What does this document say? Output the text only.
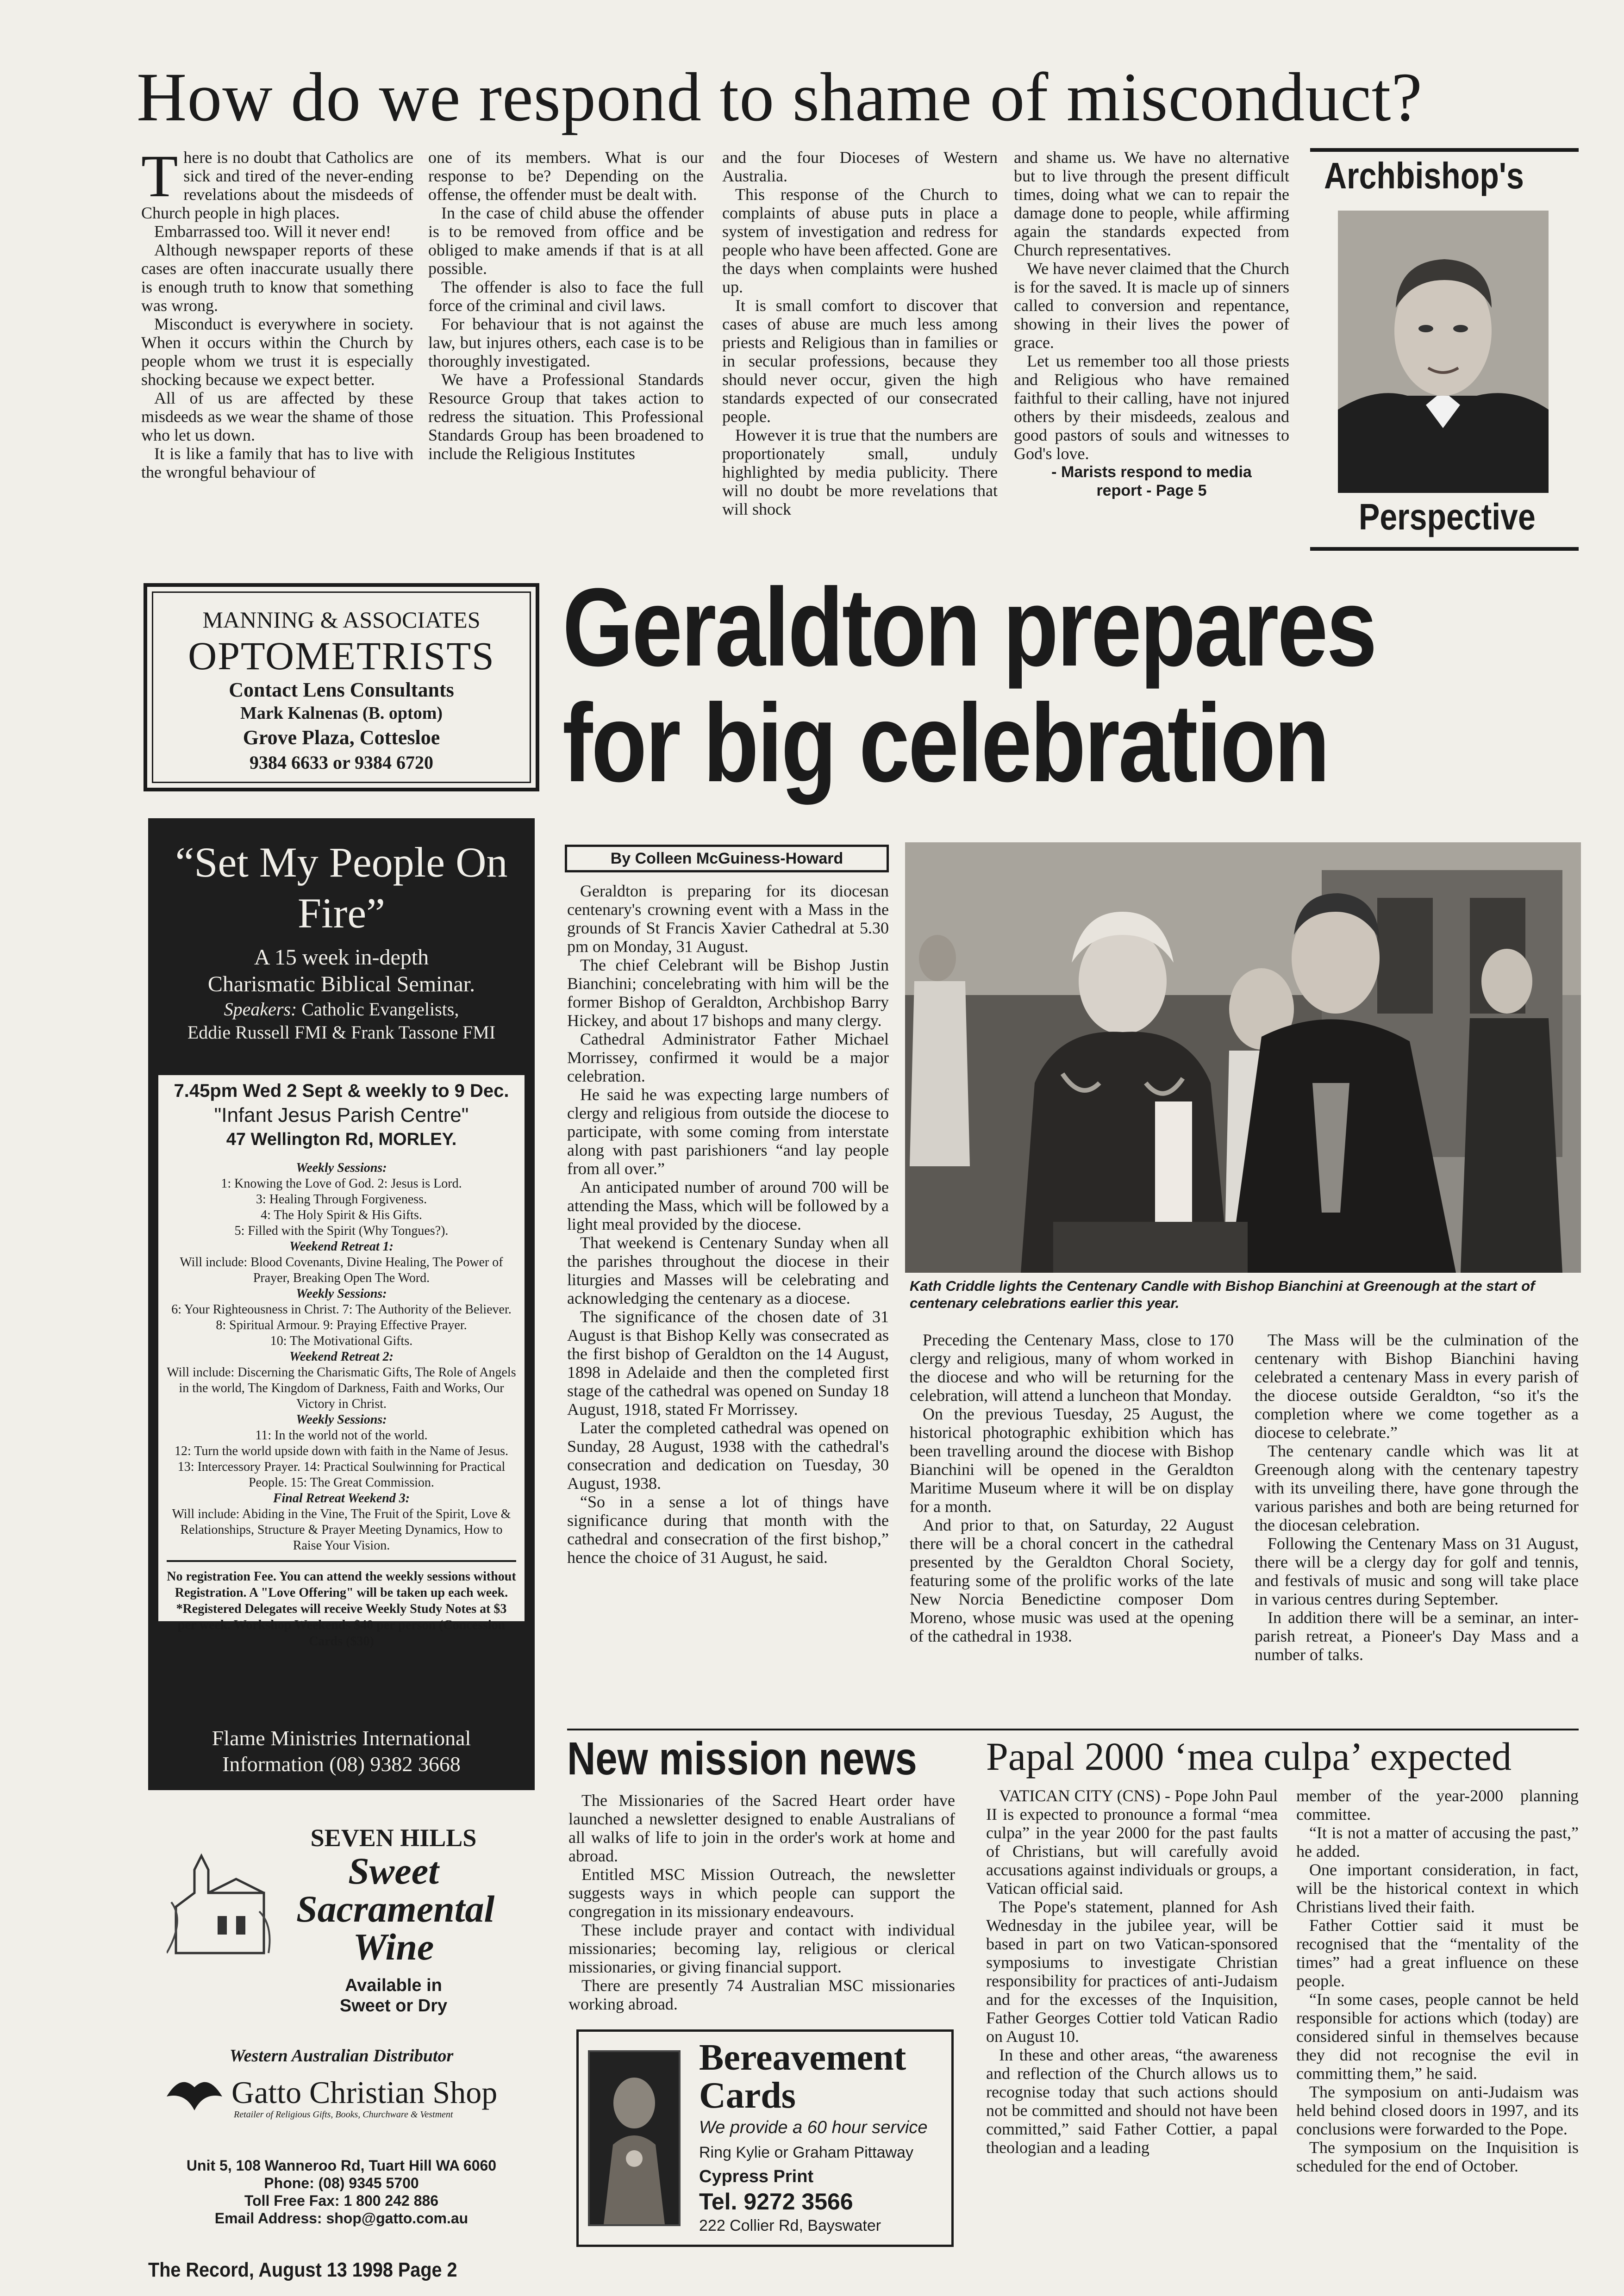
How do we respond to shame of misconduct?
T here is no doubt that Catholics are sick and tired of the never-ending revelations about the misdeeds of Church people in high places.

Embarrassed too. Will it never end!

Although newspaper reports of these cases are often inaccurate usually there is enough truth to know that something was wrong.

Misconduct is everywhere in society. When it occurs within the Church by people whom we trust it is especially shocking because we expect better.

All of us are affected by these misdeeds as we wear the shame of those who let us down.

It is like a family that has to live with the wrongful behaviour of

one of its members. What is our response to be? Depending on the offense, the offender must be dealt with.

In the case of child abuse the offender is to be removed from office and be obliged to make amends if that is at all possible.

The offender is also to face the full force of the criminal and civil laws.

For behaviour that is not against the law, but injures others, each case is to be thoroughly investigated.

We have a Professional Standards Resource Group that takes action to redress the situation. This Professional Standards Group has been broadened to include the Religious Institutes

and the four Dioceses of Western Australia.

This response of the Church to complaints of abuse puts in place a system of investigation and redress for people who have been affected. Gone are the days when complaints were hushed up.

It is small comfort to discover that cases of abuse are much less among priests and Religious than in families or in secular professions, because they should never occur, given the high standards expected of our consecrated people.

However it is true that the numbers are proportionately small, unduly highlighted by media publicity. There will no doubt be more revelations that will shock

and shame us. We have no alternative but to live through the present difficult times, doing what we can to repair the damage done to people, while affirming again the standards expected from Church representatives.

We have never claimed that the Church is for the saved. It is macle up of sinners called to conversion and repentance, showing in their lives the power of grace.

Let us remember too all those priests and Religious who have remained faithful to their calling, have not injured others by their misdeeds, zealous and good pastors of souls and witnesses to God's love.

- Marists respond to media report - Page 5

Archbishop's
Perspective
MANNING & ASSOCIATES
OPTOMETRISTS
Contact Lens Consultants
Mark Kalnenas (B. optom)
Grove Plaza, Cottesloe
9384 6633 or 9384 6720
“Set My People On Fire”
A 15 week in-depth
Charismatic Biblical Seminar.
Speakers: Catholic Evangelists,
Eddie Russell FMI & Frank Tassone FMI
7.45pm Wed 2 Sept & weekly to 9 Dec.
"Infant Jesus Parish Centre"
47 Wellington Rd, MORLEY.
Weekly Sessions:
1: Knowing the Love of God. 2: Jesus is Lord.
3: Healing Through Forgiveness.
4: The Holy Spirit & His Gifts.
5: Filled with the Spirit (Why Tongues?).
Weekend Retreat 1:
Will include: Blood Covenants, Divine Healing, The Power of Prayer, Breaking Open The Word.
Weekly Sessions:
6: Your Righteousness in Christ. 7: The Authority of the Believer. 8: Spiritual Armour. 9: Praying Effective Prayer.
10: The Motivational Gifts.
Weekend Retreat 2:
Will include: Discerning the Charismatic Gifts, The Role of Angels in the world, The Kingdom of Darkness, Faith and Works, Our Victory in Christ.
Weekly Sessions:
11: In the world not of the world.
12: Turn the world upside down with faith in the Name of Jesus.
13: Intercessory Prayer. 14: Practical Soulwinning for Practical People. 15: The Great Commission.
Final Retreat Weekend 3:
Will include: Abiding in the Vine, The Fruit of the Spirit, Love & Relationships, Structure & Prayer Meeting Dynamics, How to Raise Your Vision.
No registration Fee. You can attend the weekly sessions without Registration. A "Love Offering" will be taken up each week. *Registered Delegates will receive Weekly Study Notes at $3 per week. Workshop Weekends $40 per person (Concession Cards ($30)
Flame Ministries International
Information (08) 9382 3668
SEVEN HILLS
Sweet
Sacramental
Wine
Available in
Sweet or Dry
Western Australian Distributor
Gatto Christian Shop
Retailer of Religious Gifts, Books, Churchware & Vestment
Unit 5, 108 Wanneroo Rd, Tuart Hill WA 6060
Phone: (08) 9345 5700
Toll Free Fax: 1 800 242 886
Email Address: shop@gatto.com.au
Geraldton prepares
for big celebration
By Colleen McGuiness-Howard

Geraldton is preparing for its diocesan centenary's crowning event with a Mass in the grounds of St Francis Xavier Cathedral at 5.30 pm on Monday, 31 August.

The chief Celebrant will be Bishop Justin Bianchini; concelebrating with him will be the former Bishop of Geraldton, Archbishop Barry Hickey, and about 17 bishops and many clergy.

Cathedral Administrator Father Michael Morrissey, confirmed it would be a major celebration.

He said he was expecting large numbers of clergy and religious from outside the diocese to participate, with some coming from interstate along with past parishioners “and lay people from all over.”

An anticipated number of around 700 will be attending the Mass, which will be followed by a light meal provided by the diocese.

That weekend is Centenary Sunday when all the parishes throughout the diocese in their liturgies and Masses will be celebrating and acknowledging the centenary as a diocese.

The significance of the chosen date of 31 August is that Bishop Kelly was consecrated as the first bishop of Geraldton on the 14 August, 1898 in Adelaide and then the completed first stage of the cathedral was opened on Sunday 18 August, 1918, stated Fr Morrissey.

Later the completed cathedral was opened on Sunday, 28 August, 1938 with the cathedral's consecration and dedication on Tuesday, 30 August, 1938.

“So in a sense a lot of things have significance during that month with the cathedral and consecration of the first bishop,” hence the choice of 31 August, he said.

Kath Criddle lights the Centenary Candle with Bishop Bianchini at Greenough at the start of centenary celebrations earlier this year.

Preceding the Centenary Mass, close to 170 clergy and religious, many of whom worked in the diocese and who will be returning for the celebration, will attend a luncheon that Monday.

On the previous Tuesday, 25 August, the historical photographic exhibition which has been travelling around the diocese with Bishop Bianchini will be opened in the Geraldton Maritime Museum where it will be on display for a month.

And prior to that, on Saturday, 22 August there will be a choral concert in the cathedral presented by the Geraldton Choral Society, featuring some of the prolific works of the late New Norcia Benedictine composer Dom Moreno, whose music was used at the opening of the cathedral in 1938.

The Mass will be the culmination of the centenary with Bishop Bianchini having celebrated a centenary Mass in every parish of the diocese outside Geraldton, “so it's the completion where we come together as a diocese to celebrate.”

The centenary candle which was lit at Greenough along with the centenary tapestry with its unveiling there, have gone through the various parishes and both are being returned for the diocesan celebration.

Following the Centenary Mass on 31 August, there will be a clergy day for golf and tennis, and festivals of music and song will take place in various centres during September.

In addition there will be a seminar, an inter-parish retreat, a Pioneer's Day Mass and a number of talks.

New mission news

The Missionaries of the Sacred Heart order have launched a newsletter designed to enable Australians of all walks of life to join in the order's work at home and abroad.

Entitled MSC Mission Outreach, the newsletter suggests ways in which people can support the congregation in its missionary endeavours.

These include prayer and contact with individual missionaries; becoming lay, religious or clerical missionaries, or giving financial support.

There are presently 74 Australian MSC missionaries working abroad.

Bereavement
Cards
We provide a 60 hour service
Ring Kylie or Graham Pittaway
Cypress Print
Tel. 9272 3566
222 Collier Rd, Bayswater
Papal 2000 ‘mea culpa’ expected

VATICAN CITY (CNS) - Pope John Paul II is expected to pronounce a formal “mea culpa” in the year 2000 for the past faults of Christians, but will carefully avoid accusations against individuals or groups, a Vatican official said.

The Pope's statement, planned for Ash Wednesday in the jubilee year, will be based in part on two Vatican-sponsored symposiums to investigate Christian responsibility for practices of anti-Judaism and for the excesses of the Inquisition, Father Georges Cottier told Vatican Radio on August 10.

In these and other areas, “the awareness and reflection of the Church allows us to recognise today that such actions should not be committed and should not have been committed,” said Father Cottier, a papal theologian and a leading

member of the year-2000 planning committee.

“It is not a matter of accusing the past,” he added.

One important consideration, in fact, will be the historical context in which Christians lived their faith.

Father Cottier said it must be recognised that the “mentality of the times” had a great influence on these people.

“In some cases, people cannot be held responsible for actions which (today) are considered sinful in themselves because they did not recognise the evil in committing them,” he said.

The symposium on anti-Judaism was held behind closed doors in 1997, and its conclusions were forwarded to the Pope.

The symposium on the Inquisition is scheduled for the end of October.

The Record, August 13 1998 Page 2
